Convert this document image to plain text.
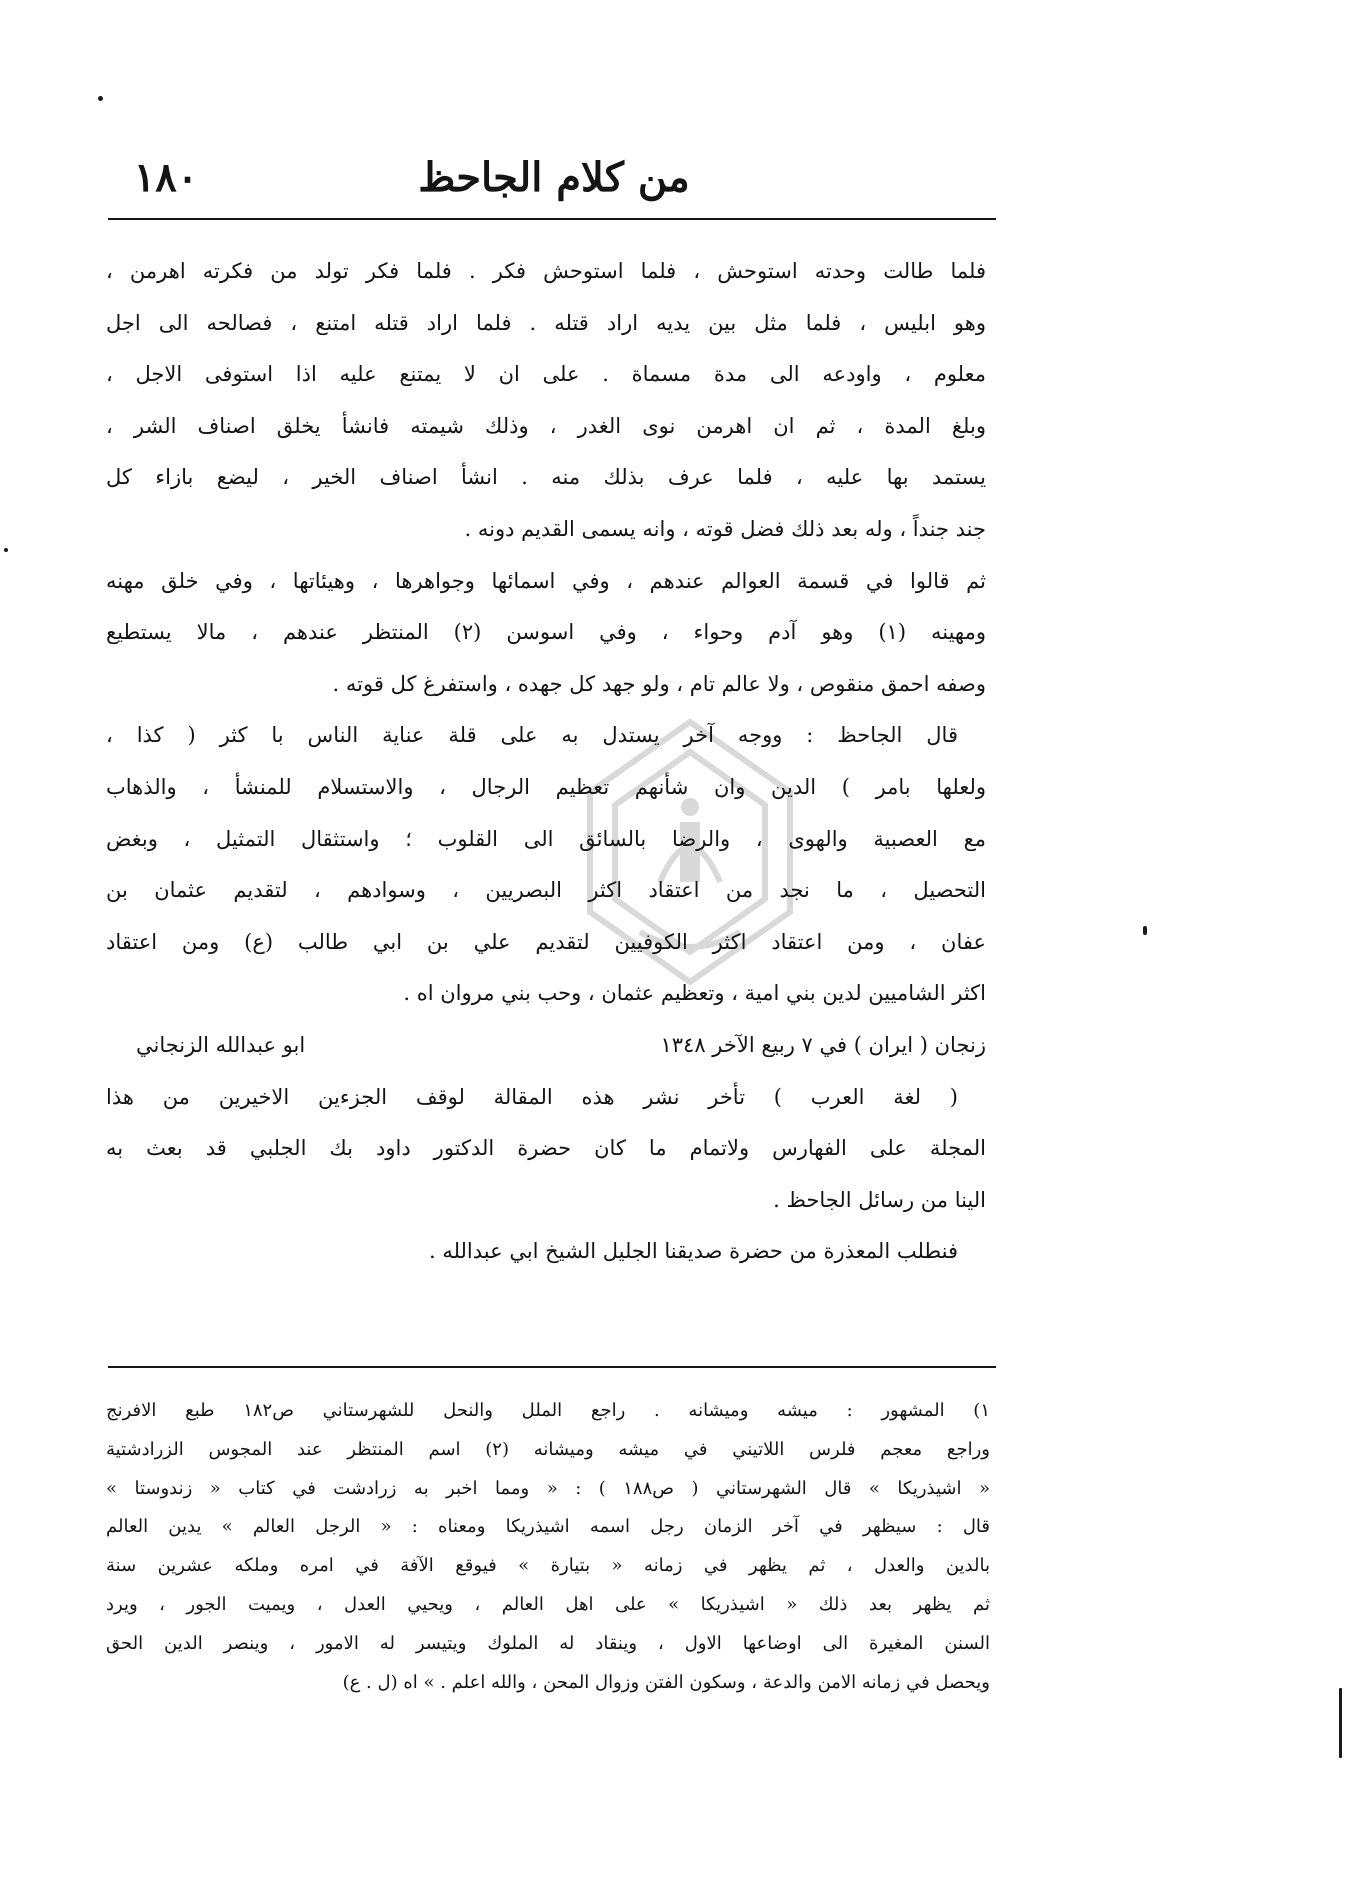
من كلام الجاحظ
١٨٠
فلما طالت وحدته استوحش ، فلما استوحش فكر . فلما فكر تولد من فكرته اهرمن ،
وهو ابليس ، فلما مثل بين يديه اراد قتله . فلما اراد قتله امتنع ، فصالحه الى اجل
معلوم ، واودعه الى مدة مسماة . على ان لا يمتنع عليه اذا استوفى الاجل ،
وبلغ المدة ، ثم ان اهرمن نوى الغدر ، وذلك شيمته فانشأ يخلق اصناف الشر ،
يستمد بها عليه ، فلما عرف بذلك منه . انشأ اصناف الخير ، ليضع بازاء كل
جند جنداً ، وله بعد ذلك فضل قوته ، وانه يسمى القديم دونه .
ثم قالوا في قسمة العوالم عندهم ، وفي اسمائها وجواهرها ، وهيئاتها ، وفي خلق مهنه
ومهينه (١) وهو آدم وحواء ، وفي اسوسن (٢) المنتظر عندهم ، مالا يستطيع
وصفه احمق منقوص ، ولا عالم تام ، ولو جهد كل جهده ، واستفرغ كل قوته .
قال الجاحظ : ووجه آخر يستدل به على قلة عناية الناس با كثر ( كذا ،
ولعلها بامر ) الدين وان شأنهم تعظيم الرجال ، والاستسلام للمنشأ ، والذهاب
مع العصبية والهوى ، والرضا بالسائق الى القلوب ؛ واستثقال التمثيل ، وبغض
التحصيل ، ما نجد من اعتقاد اكثر البصريين ، وسوادهم ، لتقديم عثمان بن
عفان ، ومن اعتقاد اكثر الكوفيين لتقديم علي بن ابي طالب (ع) ومن اعتقاد
اكثر الشاميين لدين بني امية ، وتعظيم عثمان ، وحب بني مروان اه .
زنجان ( ايران ) في ٧ ربيع الآخر ١٣٤٨
ابو عبدالله الزنجاني
( لغة العرب ) تأخر نشر هذه المقالة لوقف الجزءين الاخيرين من هذا
المجلة على الفهارس ولاتمام ما كان حضرة الدكتور داود بك الجلبي قد بعث به
الينا من رسائل الجاحظ .
فنطلب المعذرة من حضرة صديقنا الجليل الشيخ ابي عبدالله .
١) المشهور : ميشه وميشانه . راجع الملل والنحل للشهرستاني ص١٨٢ طبع الافرنج
وراجع معجم فلرس اللاتيني في ميشه وميشانه (٢) اسم المنتظر عند المجوس الزرادشتية
« اشيذريكا » قال الشهرستاني ( ص١٨٨ ) : « ومما اخبر به زرادشت في كتاب « زندوستا »
قال : سيظهر في آخر الزمان رجل اسمه اشيذريكا ومعناه : « الرجل العالم » يدين العالم
بالدين والعدل ، ثم يظهر في زمانه « بتيارة » فيوقع الآفة في امره وملكه عشرين سنة
ثم يظهر بعد ذلك « اشيذريكا » على اهل العالم ، ويحيي العدل ، ويميت الجور ، ويرد
السنن المغيرة الى اوضاعها الاول ، وينقاد له الملوك ويتيسر له الامور ، وينصر الدين الحق
ويحصل في زمانه الامن والدعة ، وسكون الفتن وزوال المحن ، والله اعلم . » اه (ل . ع)
